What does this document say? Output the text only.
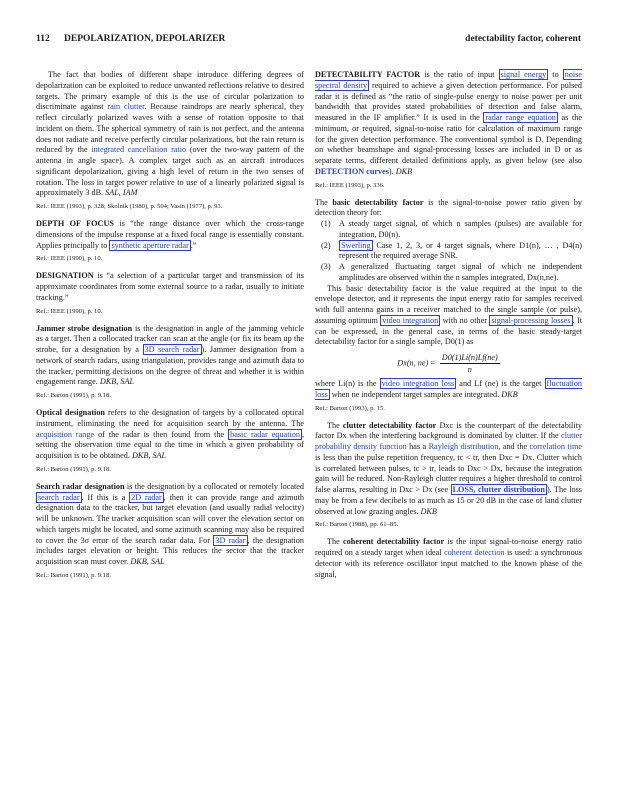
112 DEPOLARIZATION, DEPOLARIZER	detectability factor, coherent

The fact that bodies of different shape introduce differing degrees of depolarization can be exploited to reduce unwanted reflections relative to desired targets. The primary example of this is the use of circular polarization to discriminate against rain clutter. Because raindrops are nearly spherical, they reflect circularly polarized waves with a sense of rotation opposite to that incident on them. The spherical symmetry of rain is not perfect, and the antenna does not radiate and receive perfectly circular polarizations, but the rain return is reduced by the integrated cancellation ratio (over the two-way pattern of the antenna in angle space). A complex target such as an aircraft introduces significant depolarization, giving a high level of return in the two senses of rotation. The loss in target power relative to use of a linearly polarized signal is approximately 3 dB. SAL, IAM

Ref.: IEEE (1993), p. 328; Skolnik (1980), p. 504; Vasin (1977), p. 93.

DEPTH OF FOCUS is “the range distance over which the cross-range dimensions of the impulse response at a fixed focal range is essentially constant. Applies principally to synthetic aperture radar .”

Ref.: IEEE (1990), p. 10.

DESIGNATION is “a selection of a particular target and transmission of its approximate coordinates from some external source to a radar, usually to initiate tracking.”

Ref.: IEEE (1990), p. 10.

Jammer strobe designation is the designation in angle of the jamming vehicle as a target. Then a collocated tracker can scan at the angle (or fix its beam up the strobe, for a designation by a 3D search radar ). Jammer designation from a network of search radars, using triangulation, provides range and azimuth data to the tracker, permitting decisions on the degree of threat and whether it is within engagement range. DKB, SAL

Ref.: Barton (1991), p. 9.18.

Optical designation refers to the designation of targets by a collocated optical instrument, eliminating the need for acquisition search by the antenna. The acquisition range of the radar is then found from the basic radar equation , setting the observation time equal to the time in which a given probability of acquisition is to be obtained. DKB, SAL

Ref.: Barton (1991), p. 9.18.

Search radar designation is the designation by a collocated or remotely located search radar . If this is a 2D radar , then it can provide range and azimuth designation data to the tracker, but target elevation (and usually radial velocity) will be unknown. The tracker acquisition scan will cover the elevation sector on which targets might be located, and some azimuth scanning may also be required to cover the 3σ error of the search radar data. For 3D radar , the designation includes target elevation or height. This reduces the sector that the tracker acquisition scan must cover. DKB, SAL

Ref.: Barton (1991), p. 9.18.

DETECTABILITY FACTOR is the ratio of input signal energy to noise spectral density required to achieve a given detection performance. For pulsed radar it is defined as “the ratio of single-pulse energy to noise power per unit bandwidth that provides stated probabilities of detection and false alarm, measured in the IF amplifier.” It is used in the radar range equation as the minimum, or required, signal-to-noise ratio for calculation of maximum range for the given detection performance. The conventional symbol is D. Depending on whether beamshape and signal-processing losses are included in D or as separate terms, different detailed definitions apply, as given below (see also DETECTION curves). DKB

Ref.: IEEE (1993), p. 336.

The basic detectability factor is the signal-to-noise power ratio given by detection theory for:

(1) A steady target signal, of which n samples (pulses) are available for integration, D0(n).

(2) Swerling Case 1, 2, 3, or 4 target signals, where D1(n), … , D4(n) represent the required average SNR.

(3) A generalized fluctuating target signal of which ne independent amplitudes are observed within the n samples integrated, Dx(n,ne).

This basic detectability factor is the value required at the input to the envelope detector, and it represents the input energy ratio for samples received with full antenna gains in a receiver matched to the single sample (or pulse), assuming optimum video integration with no other signal-processing losses . It can be expressed, in the general case, in terms of the basic steady-target detectability factor for a single sample, D0(1) as

Dx(n, $ne) = \frac{D0(1)Li(n)Lf(ne)}{n}$

where Li(n) is the video integration loss and Lf (ne) is the target fluctuation loss when ne independent target samples are integrated. DKB

Ref.: Barton (1993), p. 15.

The clutter detectability factor Dxc is the counterpart of the detectability factor Dx when the interfering background is dominated by clutter. If the clutter probability density function has a Rayleigh distribution, and the correlation time is less than the pulse repetition frequency, tc < tr, then Dxc = Dx. Clutter which is correlated between pulses, tc > tr, leads to Dxc > Dx, because the integration gain will be reduced. Non-Rayleigh clutter requires a higher threshold to control false alarms, resulting in Dxc > Dx (see LOSS, clutter distribution ). The loss may be from a few decibels to as much as 15 or 20 dB in the case of land clutter observed at low grazing angles. DKB

Ref.: Barton (1988), pp. 61–85.

The coherent detectability factor is the input signal-to-noise energy ratio required on a steady target when ideal coherent detection is used: a synchronous detector with its reference oscillator input matched to the known phase of the signal,
